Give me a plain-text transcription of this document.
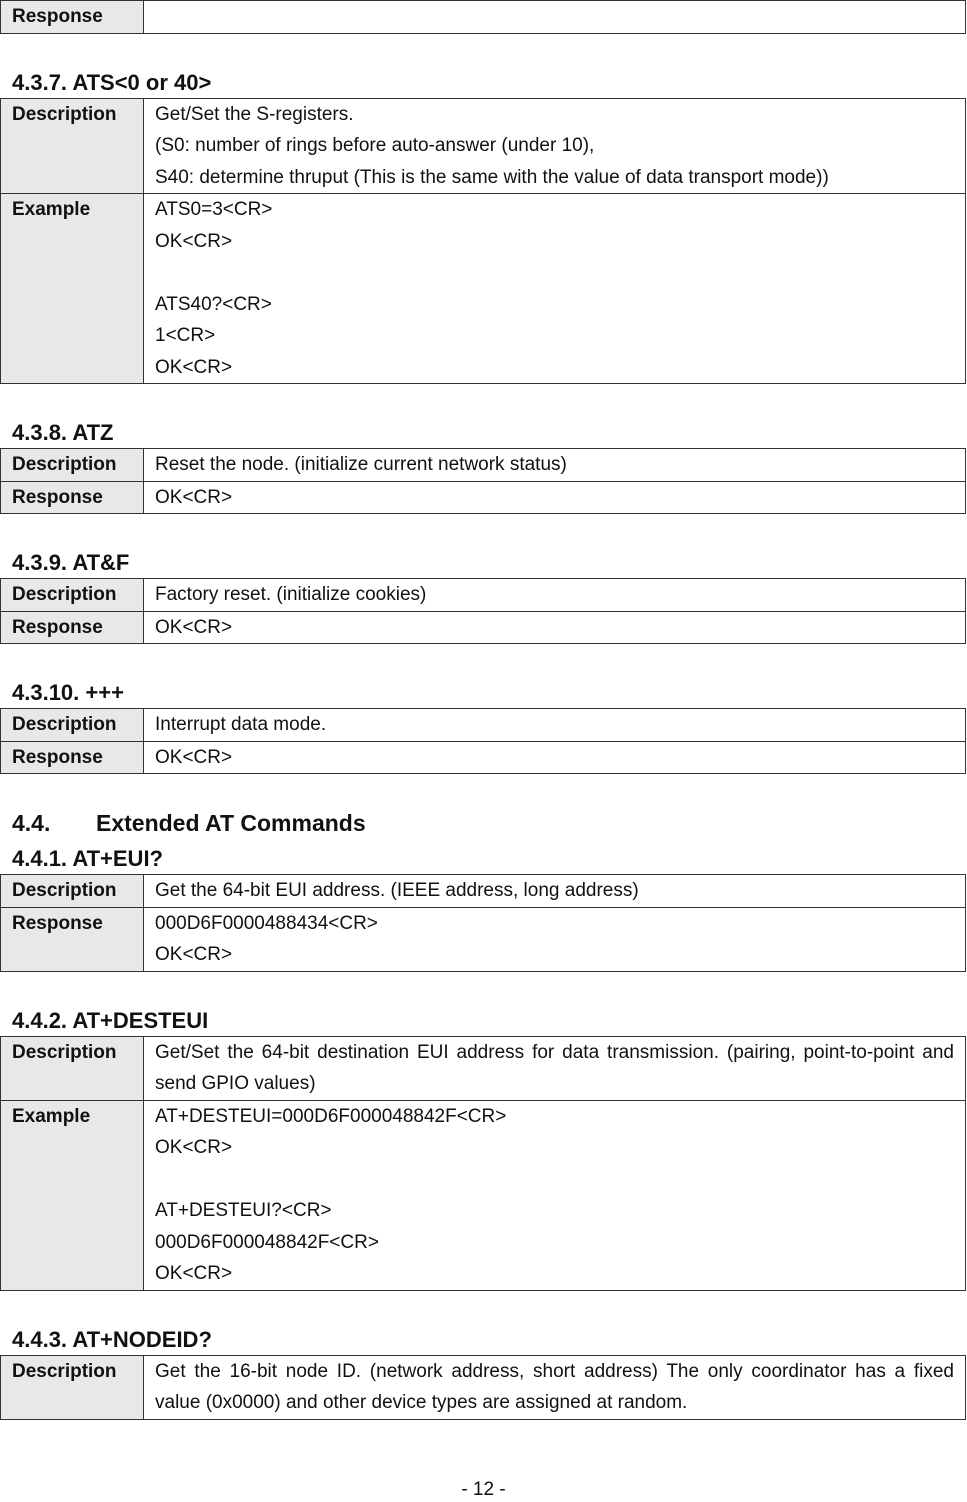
Response	
4.3.7. ATS<0 or 40>
Description	Get/Set the S-registers.
(S0: number of rings before auto-answer (under 10),
S40: determine thruput (This is the same with the value of data transport mode))

Example	ATS0=3<CR>
OK<CR>
ATS40?<CR>
1<CR>
OK<CR>
4.3.8. ATZ
Description	Reset the node. (initialize current network status)
Response	OK<CR>
4.3.9. AT&F
Description	Factory reset. (initialize cookies)
Response	OK<CR>
4.3.10. +++
Description	Interrupt data mode.
Response	OK<CR>
4.4. Extended AT Commands
4.4.1. AT+EUI?
Description	Get the 64-bit EUI address. (IEEE address, long address)
Response	000D6F0000488434<CR>
OK<CR>
4.4.2. AT+DESTEUI
Description	Get/Set the 64-bit destination EUI address for data transmission. (pairing, point-to-point and send GPIO values)
Example	AT+DESTEUI=000D6F000048842F<CR>
OK<CR>
AT+DESTEUI?<CR>
000D6F000048842F<CR>
OK<CR>
4.4.3. AT+NODEID?
Description	Get the 16-bit node ID. (network address, short address) The only coordinator has a fixed value (0x0000) and other device types are assigned at random.
- 12 -
